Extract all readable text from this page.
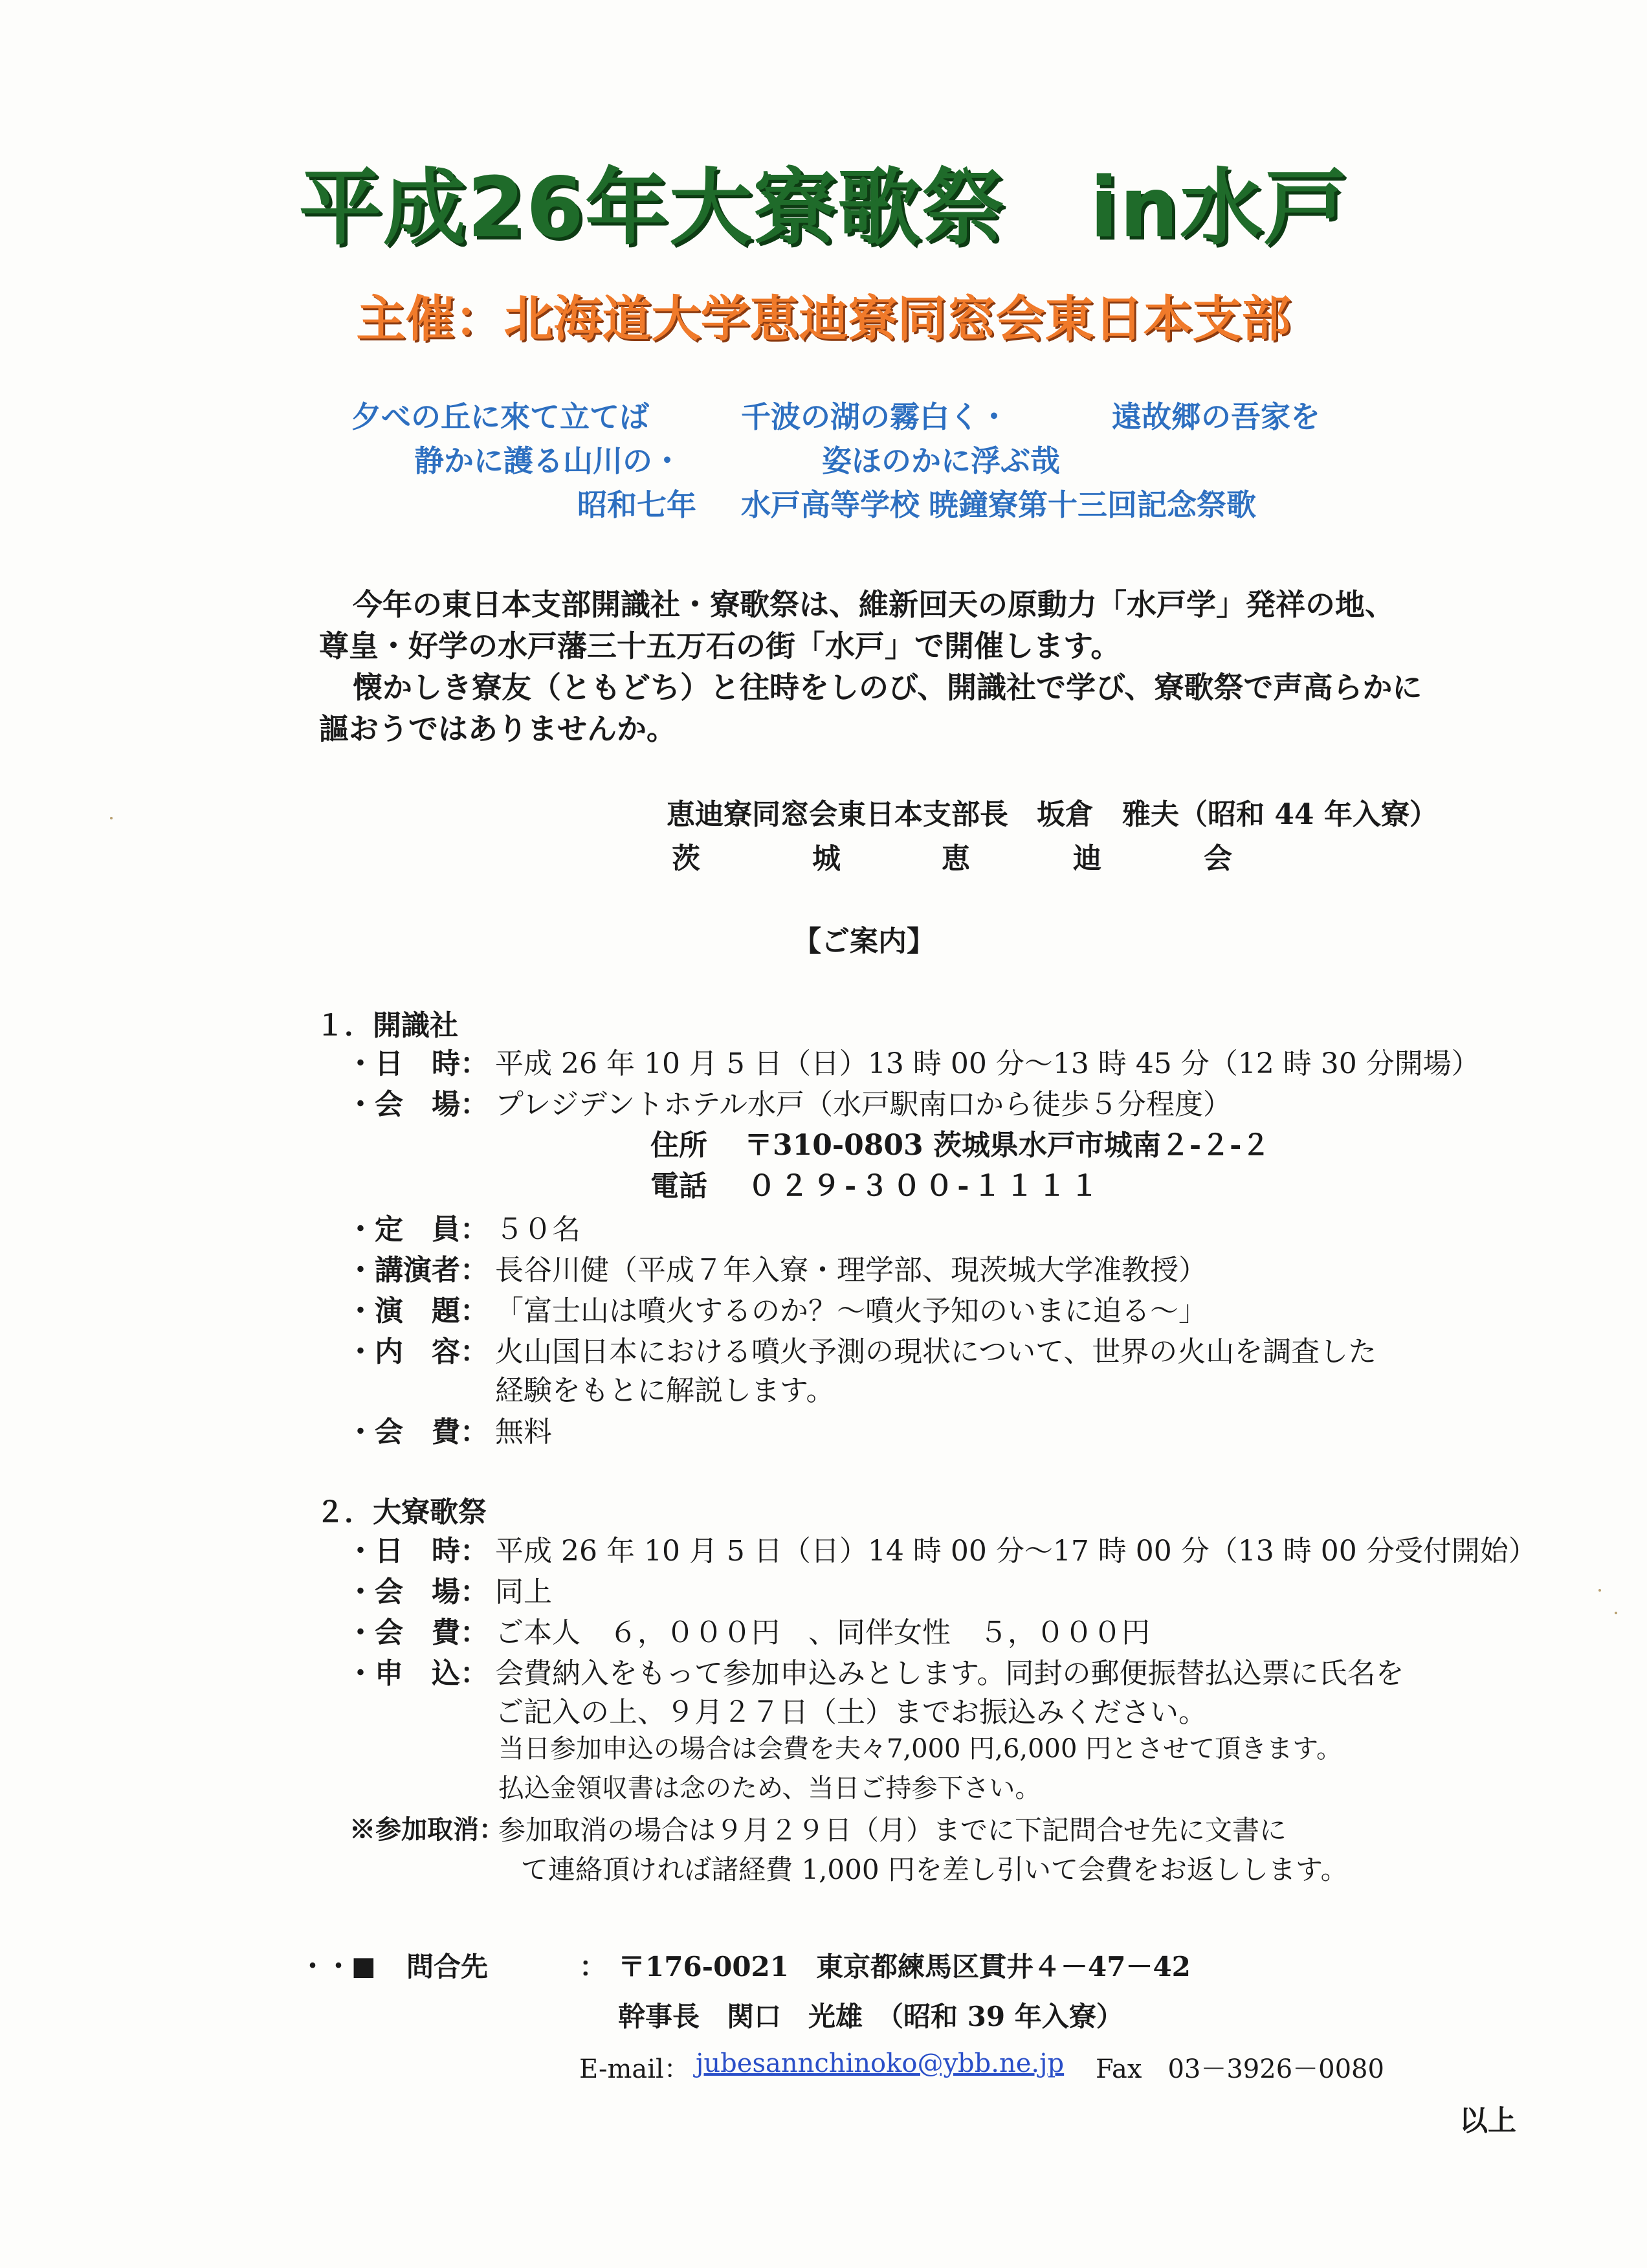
平成26年大寮歌祭　in水戸
主催：北海道大学恵迪寮同窓会東日本支部
夕べの丘に來て立てば	千波の湖の霧白く・	遠故郷の吾家を
静かに護る山川の・	姿ほのかに浮ぶ哉
昭和七年 水戸高等学校 暁鐘寮第十三回記念祭歌
今年の東日本支部開識社・寮歌祭は、維新回天の原動力「水戸学」発祥の地、
尊皇・好学の水戸藩三十五万石の街「水戸」で開催します。
懐かしき寮友（ともどち）と往時をしのび、開識社で学び、寮歌祭で声高らかに
謳おうではありませんか。
恵迪寮同窓会東日本支部長　坂倉　雅夫（昭和 44 年入寮）
茨	城	恵	迪	会
【ご案内】
１．開識社
・日　時： 平成 26 年 10 月 5 日（日）13 時 00 分～13 時 45 分（12 時 30 分開場）
・会　場： プレジデントホテル水戸（水戸駅南口から徒歩５分程度）
住所 〒310-0803 茨城県水戸市城南２-２-２
電話 ０２９-３００-１１１１
・定　員： ５０名
・講演者： 長谷川健（平成７年入寮・理学部、現茨城大学准教授）
・演　題： 「富士山は噴火するのか？～噴火予知のいまに迫る～」
・内　容： 火山国日本における噴火予測の現状について、世界の火山を調査した
経験をもとに解説します。
・会　費： 無料
２．大寮歌祭
・日　時： 平成 26 年 10 月 5 日（日）14 時 00 分～17 時 00 分（13 時 00 分受付開始）
・会　場： 同上
・会　費： ご本人　６，０００円　、同伴女性　５，０００円
・申　込： 会費納入をもって参加申込みとします。同封の郵便振替払込票に氏名を
ご記入の上、９月２７日（土）までお振込みください。
当日参加申込の場合は会費を夫々7,000 円,6,000 円とさせて頂きます。
払込金領収書は念のため、当日ご持参下さい。
※参加取消：
参加取消の場合は９月２９日（月）までに下記問合せ先に文書に
て連絡頂ければ諸経費 1,000 円を差し引いて会費をお返しします。
・・■ 問合先	： 〒176-0021　東京都練馬区貫井４－47－42
幹事長　関口　光雄　（昭和 39 年入寮）
E-mail： jubesannchinoko@ybb.ne.jp Fax　03－3926－0080
以上
